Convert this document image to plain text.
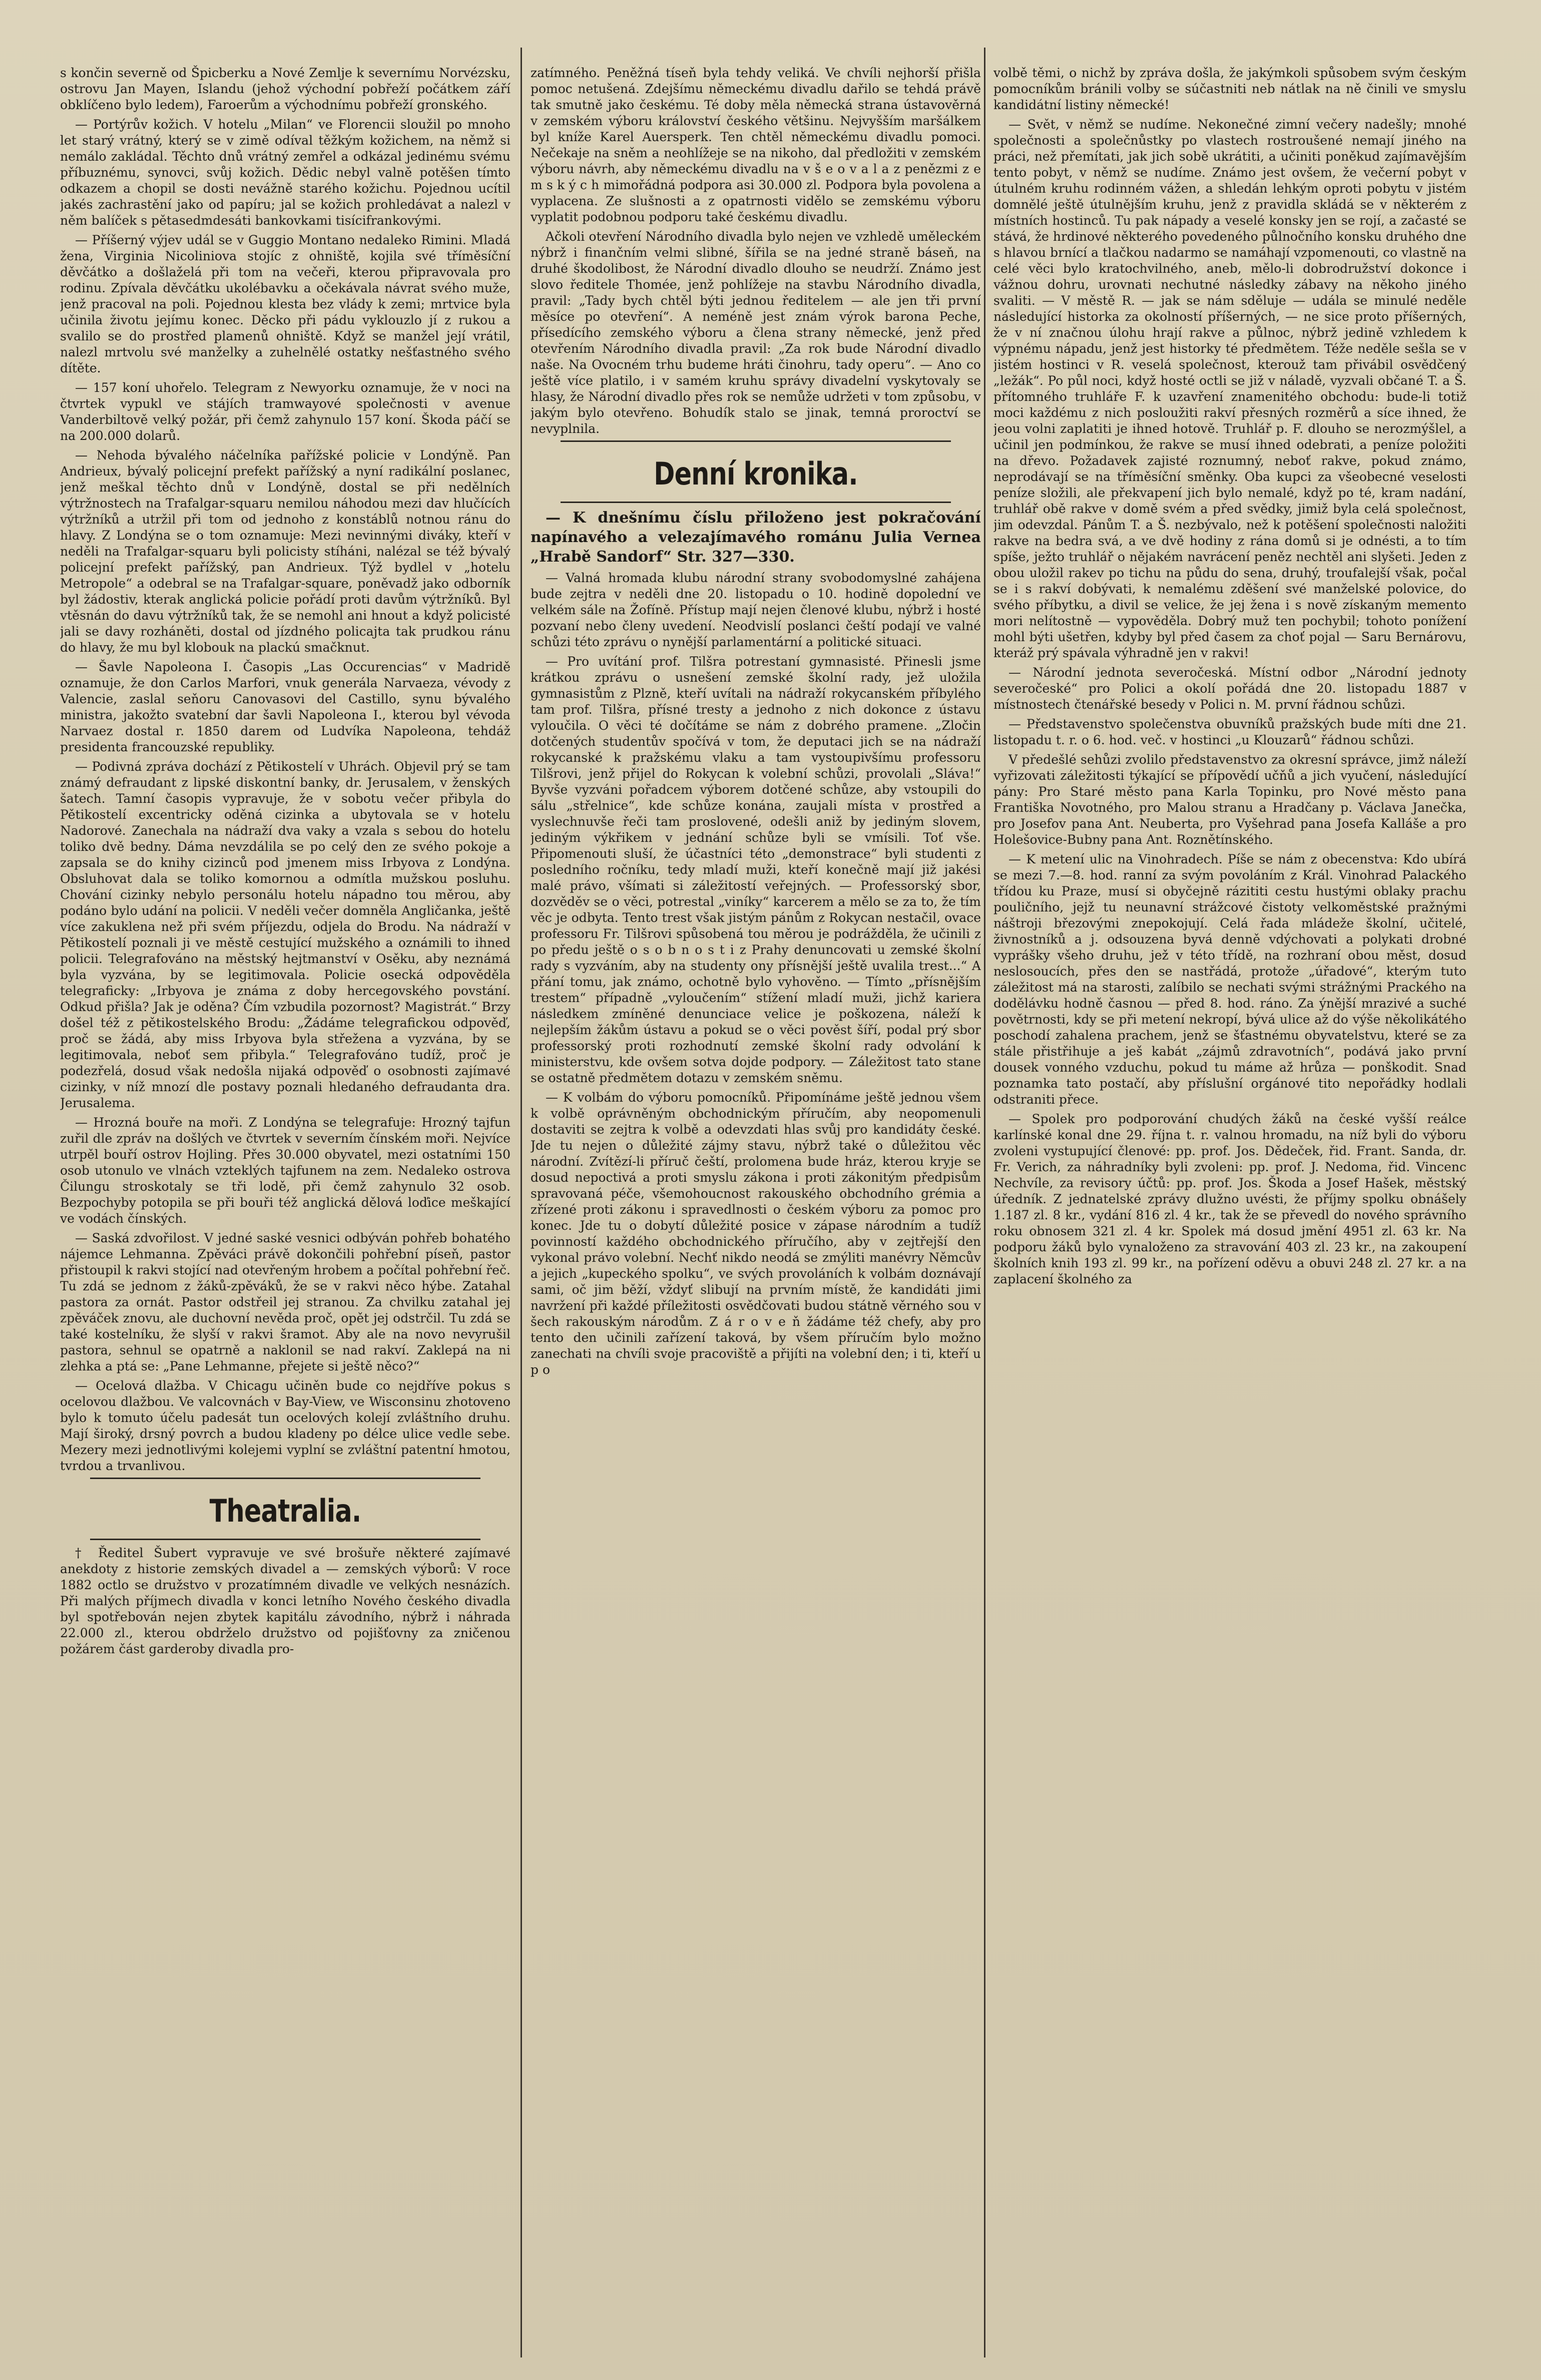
s končin severně od Špicberku a Nové Zemlje k severnímu Norvézsku, ostrovu Jan Mayen, Islandu (jehož východní pobřeží počátkem září obklíčeno bylo ledem), Faroerům a východnímu pobřeží gronského.

— Portýrův kožich. V hotelu „Milan“ ve Florencii sloužil po mnoho let starý vrátný, který se v zimě odíval těžkým kožichem, na němž si nemálo zakládal. Těchto dnů vrátný zemřel a odkázal jedinému svému příbuznému, synovci, svůj kožich. Dědic nebyl valně potěšen tímto odkazem a chopil se dosti nevážně starého kožichu. Pojednou ucítil jakés zachrastění jako od papíru; jal se kožich prohledávat a nalezl v něm balíček s pětasedmdesáti bankovkami tisícifrankovými.

— Příšerný výjev udál se v Guggio Montano nedaleko Rimini. Mladá žena, Virginia Nicoliniova stojíc z ohniště, kojila své tříměsíční děvčátko a došlaželá při tom na večeři, kterou připravovala pro rodinu. Zpívala děvčátku ukolébavku a očekávala návrat svého muže, jenž pracoval na poli. Pojednou klesta bez vlády k zemi; mrtvice byla učinila životu jejímu konec. Děcko při pádu vyklouzlo jí z rukou a svalilo se do prostřed plamenů ohniště. Když se manžel její vrátil, nalezl mrtvolu své manželky a zuhelnělé ostatky nešťastného svého dítěte.

— 157 koní uhořelo. Telegram z Newyorku oznamuje, že v noci na čtvrtek vypukl ve stájích tramwayové společnosti v avenue Vanderbiltově velký požár, při čemž zahynulo 157 koní. Škoda páčí se na 200.000 dolarů.

— Nehoda bývalého náčelníka pařížské policie v Londýně. Pan Andrieux, bývalý policejní prefekt pařížský a nyní radikální poslanec, jenž meškal těchto dnů v Londýně, dostal se při nedělních výtržnostech na Trafalgar-squaru nemilou náhodou mezi dav hlučících výtržníků a utržil při tom od jednoho z konstáblů notnou ránu do hlavy. Z Londýna se o tom oznamuje: Mezi nevinnými diváky, kteří v neděli na Trafalgar-squaru byli policisty stíháni, nalézal se též bývalý policejní prefekt pařížský, pan Andrieux. Týž bydlel v „hotelu Metropole“ a odebral se na Trafalgar-square, poněvadž jako odborník byl žádostiv, kterak anglická policie pořádí proti davům výtržníků. Byl vtěsnán do davu výtržníků tak, že se nemohl ani hnout a když policisté jali se davy rozháněti, dostal od jízdného policajta tak prudkou ránu do hlavy, že mu byl klobouk na plackú smačknut.

— Šavle Napoleona I. Časopis „Las Occurencias“ v Madridě oznamuje, že don Carlos Marfori, vnuk generála Narvaeza, vévody z Valencie, zaslal seňoru Canovasovi del Castillo, synu bývalého ministra, jakožto svatební dar šavli Napoleona I., kterou byl vévoda Narvaez dostal r. 1850 darem od Ludvíka Napoleona, tehdáž presidenta francouzské republiky.

— Podivná zpráva dochází z Pětikostelí v Uhrách. Objevil prý se tam známý defraudant z lipské diskontní banky, dr. Jerusalem, v ženských šatech. Tamní časopis vypravuje, že v sobotu večer přibyla do Pětikostelí excentricky oděná cizinka a ubytovala se v hotelu Nadorové. Zanechala na nádraží dva vaky a vzala s sebou do hotelu toliko dvě bedny. Dáma nevzdálila se po celý den ze svého pokoje a zapsala se do knihy cizinců pod jmenem miss Irbyova z Londýna. Obsluhovat dala se toliko komornou a odmítla mužskou posluhu. Chování cizinky nebylo personálu hotelu nápadno tou měrou, aby podáno bylo udání na policii. V neděli večer domněla Angličanka, ještě více zakuklena než při svém příjezdu, odjela do Brodu. Na nádraží v Pětikostelí poznali ji ve městě cestující mužského a oznámili to ihned policii. Telegrafováno na městský hejtmanství v Osěku, aby neznámá byla vyzvána, by se legitimovala. Policie osecká odpověděla telegraficky: „Irbyova je známa z doby hercegovského povstání. Odkud přišla? Jak je oděna? Čím vzbudila pozornost? Magistrát.“ Brzy došel též z pětikostelského Brodu: „Žádáme telegrafickou odpověď, proč se žádá, aby miss Irbyova byla střežena a vyzvána, by se legitimovala, neboť sem přibyla.“ Telegrafováno tudíž, proč je podezřelá, dosud však nedošla nijaká odpověď o osobnosti zajímavé cizinky, v níž mnozí dle postavy poznali hledaného defraudanta dra. Jerusalema.

— Hrozná bouře na moři. Z Londýna se telegrafuje: Hrozný tajfun zuřil dle zpráv na došlých ve čtvrtek v severním čínském moři. Nejvíce utrpěl bouří ostrov Hojling. Přes 30.000 obyvatel, mezi ostatními 150 osob utonulo ve vlnách vzteklých tajfunem na zem. Nedaleko ostrova Čilungu stroskotaly se tři lodě, při čemž zahynulo 32 osob. Bezpochyby potopila se při bouři též anglická dělová loďice meškající ve vodách čínských.

— Saská zdvořilost. V jedné saské vesnici odbýván pohřeb bohatého nájemce Lehmanna. Zpěváci právě dokončili pohřební píseň, pastor přistoupil k rakvi stojící nad otevřeným hrobem a počítal pohřební řeč. Tu zdá se jednom z žáků-zpěváků, že se v rakvi něco hýbe. Zatahal pastora za ornát. Pastor odstřeil jej stranou. Za chvilku zatahal jej zpěváček znovu, ale duchovní nevěda proč, opět jej odstrčil. Tu zdá se také kostelníku, že slyší v rakvi šramot. Aby ale na novo nevyrušil pastora, sehnul se opatrně a naklonil se nad rakví. Zaklepá na ni zlehka a ptá se: „Pane Lehmanne, přejete si ještě něco?“

— Ocelová dlažba. V Chicagu učiněn bude co nejdříve pokus s ocelovou dlažbou. Ve valcovnách v Bay-View, ve Wisconsinu zhotoveno bylo k tomuto účelu padesát tun ocelových kolejí zvláštního druhu. Mají široký, drsný povrch a budou kladeny po délce ulice vedle sebe. Mezery mezi jednotlivými kolejemi vyplní se zvláštní patentní hmotou, tvrdou a trvanlivou.

Theatralia.

† Ředitel Šubert vypravuje ve své brošuře některé zajímavé anekdoty z historie zemských divadel a — zemských výborů: V roce 1882 octlo se družstvo v prozatímném divadle ve velkých nesnázích. Při malých příjmech divadla v konci letního Nového českého divadla byl spotřebován nejen zbytek kapitálu závodního, nýbrž i náhrada 22.000 zl., kterou obdrželo družstvo od pojišťovny za zničenou požárem část garderoby divadla pro-

zatímného. Peněžná tíseň byla tehdy veliká. Ve chvíli nejhorší přišla pomoc netušená. Zdejšímu německému divadlu dařilo se tehdá právě tak smutně jako českému. Té doby měla německá strana ústavověrná v zemském výboru království českého většinu. Nejvyšším maršálkem byl kníže Karel Auersperk. Ten chtěl německému divadlu pomoci. Nečekaje na sněm a neohlížeje se na nikoho, dal předložiti v zemském výboru návrh, aby německému divadlu na v š e o v a l a z penězmi z e m s k ý c h mimořádná podpora asi 30.000 zl. Podpora byla povolena a vyplacena. Ze slušnosti a z opatrnosti vidělo se zemskému výboru vyplatit podobnou podporu také českému divadlu.

Ačkoli otevření Národního divadla bylo nejen ve vzhledě uměleckém nýbrž i finančním velmi slibné, šířila se na jedné straně báseň, na druhé škodolibost, že Národní divadlo dlouho se neudrží. Známo jest slovo ředitele Thomée, jenž pohlížeje na stavbu Národního divadla, pravil: „Tady bych chtěl býti jednou ředitelem — ale jen tři první měsíce po otevření“. A neméně jest znám výrok barona Peche, přísedícího zemského výboru a člena strany německé, jenž před otevřením Národního divadla pravil: „Za rok bude Národní divadlo naše. Na Ovocném trhu budeme hráti činohru, tady operu“. — Ano co ještě více platilo, i v samém kruhu správy divadelní vyskytovaly se hlasy, že Národní divadlo přes rok se nemůže udržeti v tom způsobu, v jakým bylo otevřeno. Bohudík stalo se jinak, temná proroctví se nevyplnila.

Denní kronika.

— K dnešnímu číslu přiloženo jest pokračování napínavého a velezajímavého románu Julia Vernea „Hrabě Sandorf“ Str. 327—330.

— Valná hromada klubu národní strany svobodomyslné zahájena bude zejtra v neděli dne 20. listopadu o 10. hodině dopolední ve velkém sále na Žofíně. Přístup mají nejen členové klubu, nýbrž i hosté pozvaní nebo členy uvedení. Neodvislí poslanci čeští podají ve valné schůzi této zprávu o nynější parlamentární a politické situaci.

— Pro uvítání prof. Tilšra potrestaní gymnasisté. Přinesli jsme krátkou zprávu o usnešení zemské školní rady, jež uložila gymnasistům z Plzně, kteří uvítali na nádraží rokycanském příbylého tam prof. Tilšra, přísné tresty a jednoho z nich dokonce z ústavu vyloučila. O věci té dočítáme se nám z dobrého pramene. „Zločin dotčených studentův spočívá v tom, že deputaci jich se na nádraží rokycanské k pražskému vlaku a tam vystoupivšímu professoru Tilšrovi, jenž přijel do Rokycan k volební schůzi, provolali „Sláva!“ Byvše vyzváni pořadcem výborem dotčené schůze, aby vstoupili do sálu „střelnice“, kde schůze konána, zaujali místa v prostřed a vyslechnuvše řeči tam proslovené, odešli aniž by jediným slovem, jediným výkřikem v jednání schůze byli se vmísili. Toť vše. Připomenouti sluší, že účastníci této „demonstrace“ byli studenti z posledního ročníku, tedy mladí muži, kteří konečně mají již jakési malé právo, všímati si záležitostí veřejných. — Professorský sbor, dozvěděv se o věci, potrestal „viníky“ karcerem a mělo se za to, že tím věc je odbyta. Tento trest však jistým pánům z Rokycan nestačil, ovace professoru Fr. Tilšrovi spůsobená tou měrou je podrážděla, že učinili z po předu ještě o s o b n o s t i z Prahy denuncovati u zemské školní rady s vyzváním, aby na studenty ony přísnější ještě uvalila trest...“ A přání tomu, jak známo, ochotně bylo vyhověno. — Tímto „přísnějším trestem“ případně „vyloučením“ stížení mladí muži, jichž kariera následkem zmíněné denunciace velice je poškozena, náleží k nejlepším žákům ústavu a pokud se o věci pověst šíří, podal prý sbor professorský proti rozhodnutí zemské školní rady odvolání k ministerstvu, kde ovšem sotva dojde podpory. — Záležitost tato stane se ostatně předmětem dotazu v zemském sněmu.

— K volbám do výboru pomocníků. Připomínáme ještě jednou všem k volbě oprávněným obchodnickým příručím, aby neopomenuli dostaviti se zejtra k volbě a odevzdati hlas svůj pro kandidáty české. Jde tu nejen o důležité zájmy stavu, nýbrž také o důležitou věc národní. Zvítězí-li příruč čeští, prolomena bude hráz, kterou kryje se dosud nepoctivá a proti smyslu zákona i proti zákonitým předpisům spravovaná péče, všemohoucnost rakouského obchodního grémia a zřízené proti zákonu i spravedlnosti o českém výboru za pomoc pro konec. Jde tu o dobytí důležité posice v zápase národním a tudíž povinností každého obchodnického příručího, aby v zejtřejší den vykonal právo volební. Nechť nikdo neodá se zmýliti manévry Němcův a jejich „kupeckého spolku“, ve svých provoláních k volbám doznávají sami, oč jim běží, vždyť slibují na prvním místě, že kandidáti jimi navržení při každé příležitosti osvědčovati budou státně věrného sou v šech rakouským národům. Z á r o v e ň žádáme též chefy, aby pro tento den učinili zařízení taková, by všem příručím bylo možno zanechati na chvíli svoje pracoviště a přijíti na volební den; i ti, kteří u p o

volbě těmi, o nichž by zpráva došla, že jakýmkoli spůsobem svým českým pomocníkům bránili volby se súčastniti neb nátlak na ně činili ve smyslu kandidátní listiny německé!

— Svět, v němž se nudíme. Nekonečné zimní večery nadešly; mnohé společnosti a společnůstky po vlastech rostroušené nemají jiného na práci, než přemítati, jak jich sobě ukrátiti, a učiniti poněkud zajímavějším tento pobyt, v němž se nudíme. Známo jest ovšem, že večerní pobyt v útulném kruhu rodinném vážen, a shledán lehkým oproti pobytu v jistém domnělé ještě útulnějším kruhu, jenž z pravidla skládá se v některém z místních hostinců. Tu pak nápady a veselé konsky jen se rojí, a začasté se stává, že hrdinové některého povedeného půlnočního konsku druhého dne s hlavou brnící a tlačkou nadarmo se namáhají vzpomenouti, co vlastně na celé věci bylo kratochvilného, aneb, mělo-li dobrodružství dokonce i vážnou dohru, urovnati nechutné následky zábavy na někoho jiného svaliti. — V městě R. — jak se nám sděluje — udála se minulé neděle následující historka za okolností příšerných, — ne sice proto příšerných, že v ní značnou úlohu hrají rakve a půlnoc, nýbrž jedině vzhledem k výpnému nápadu, jenž jest historky té předmětem. Téže neděle sešla se v jistém hostinci v R. veselá společnost, kterouž tam přivábil osvědčený „ležák“. Po půl noci, když hosté octli se již v náladě, vyzvali občané T. a Š. přítomného truhláře F. k uzavření znamenitého obchodu: bude-li totiž moci každému z nich posloužiti rakví přesných rozměrů a síce ihned, že jeou volni zaplatiti je ihned hotově. Truhlář p. F. dlouho se nerozmýšlel, a učinil jen podmínkou, že rakve se musí ihned odebrati, a peníze položiti na dřevo. Požadavek zajisté roznumný, neboť rakve, pokud známo, neprodávají se na tříměsíční směnky. Oba kupci za všeobecné veselosti peníze složili, ale překvapení jich bylo nemalé, když po té, kram nadání, truhlář obě rakve v domě svém a před svědky, jimiž byla celá společnost, jim odevzdal. Pánům T. a Š. nezbývalo, než k potěšení společnosti naložiti rakve na bedra svá, a ve dvě hodiny z rána domů si je odnésti, a to tím spíše, ježto truhlář o nějakém navrácení peněz nechtěl ani slyšeti. Jeden z obou uložil rakev po tichu na půdu do sena, druhý, troufalejší však, počal se i s rakví dobývati, k nemalému zděšení své manželské polovice, do svého příbytku, a divil se velice, že jej žena i s nově získaným memento mori nelítostně — vypověděla. Dobrý muž ten pochybil; tohoto ponížení mohl býti ušetřen, kdyby byl před časem za choť pojal — Saru Bernárovu, kteráž prý spávala výhradně jen v rakvi!

— Národní jednota severočeská. Místní odbor „Národní jednoty severočeské“ pro Polici a okolí pořádá dne 20. listopadu 1887 v místnostech čtenářské besedy v Polici n. M. první řádnou schůzi.

— Představenstvo společenstva obuvníků pražských bude míti dne 21. listopadu t. r. o 6. hod. več. v hostinci „u Klouzarů“ řádnou schůzi.

V předešlé sehůzi zvolilo představenstvo za okresní správce, jimž náleží vyřizovati záležitosti týkající se přípovědí učňů a jich vyučení, následující pány: Pro Staré město pana Karla Topinku, pro Nové město pana Františka Novotného, pro Malou stranu a Hradčany p. Václava Janečka, pro Josefov pana Ant. Neuberta, pro Vyšehrad pana Josefa Kalláše a pro Holešovice-Bubny pana Ant. Roznětínského.

— K metení ulic na Vinohradech. Píše se nám z obecenstva: Kdo ubírá se mezi 7.—8. hod. ranní za svým povoláním z Král. Vinohrad Palackého třídou ku Praze, musí si obyčejně rázititi cestu hustými oblaky prachu pouličního, jejž tu neunavní strážcové čistoty velkoměstské pražnými náštroji březovými znepokojují. Celá řada mládeže školní, učitelé, živnostníků a j. odsouzena byvá denně vdýchovati a polykati drobné vyprášky všeho druhu, jež v této třídě, na rozhraní obou měst, dosud neslosoucích, přes den se nastřádá, protože „úřadové“, kterým tuto záležitost má na starosti, zalíbilo se nechati svými strážnými Prackého na dodělávku hodně časnou — před 8. hod. ráno. Za ýnější mrazivé a suché povětrnosti, kdy se při metení nekropí, bývá ulice až do výše několikátého poschodí zahalena prachem, jenž se šťastnému obyvatelstvu, které se za stále přistřihuje a ješ kabát „zájmů zdravotních“, podává jako první dousek vonného vzduchu, pokud tu máme až hrůza — ponškodit. Snad poznamka tato postačí, aby příslušní orgánové tito nepořádky hodlali odstraniti přece.

— Spolek pro podporování chudých žáků na české vyšší reálce karlínské konal dne 29. října t. r. valnou hromadu, na níž byli do výboru zvoleni vystupující členové: pp. prof. Jos. Dědeček, řid. Frant. Sanda, dr. Fr. Verich, za náhradníky byli zvoleni: pp. prof. J. Nedoma, řid. Vincenc Nechvíle, za revisory účtů: pp. prof. Jos. Škoda a Josef Hašek, městský úředník. Z jednatelské zprávy dlužno uvésti, že příjmy spolku obnášely 1.187 zl. 8 kr., vydání 816 zl. 4 kr., tak že se převedl do nového správního roku obnosem 321 zl. 4 kr. Spolek má dosud jmění 4951 zl. 63 kr. Na podporu žáků bylo vynaloženo za stravování 403 zl. 23 kr., na zakoupení školních knih 193 zl. 99 kr., na pořízení oděvu a obuvi 248 zl. 27 kr. a na zaplacení školného za
